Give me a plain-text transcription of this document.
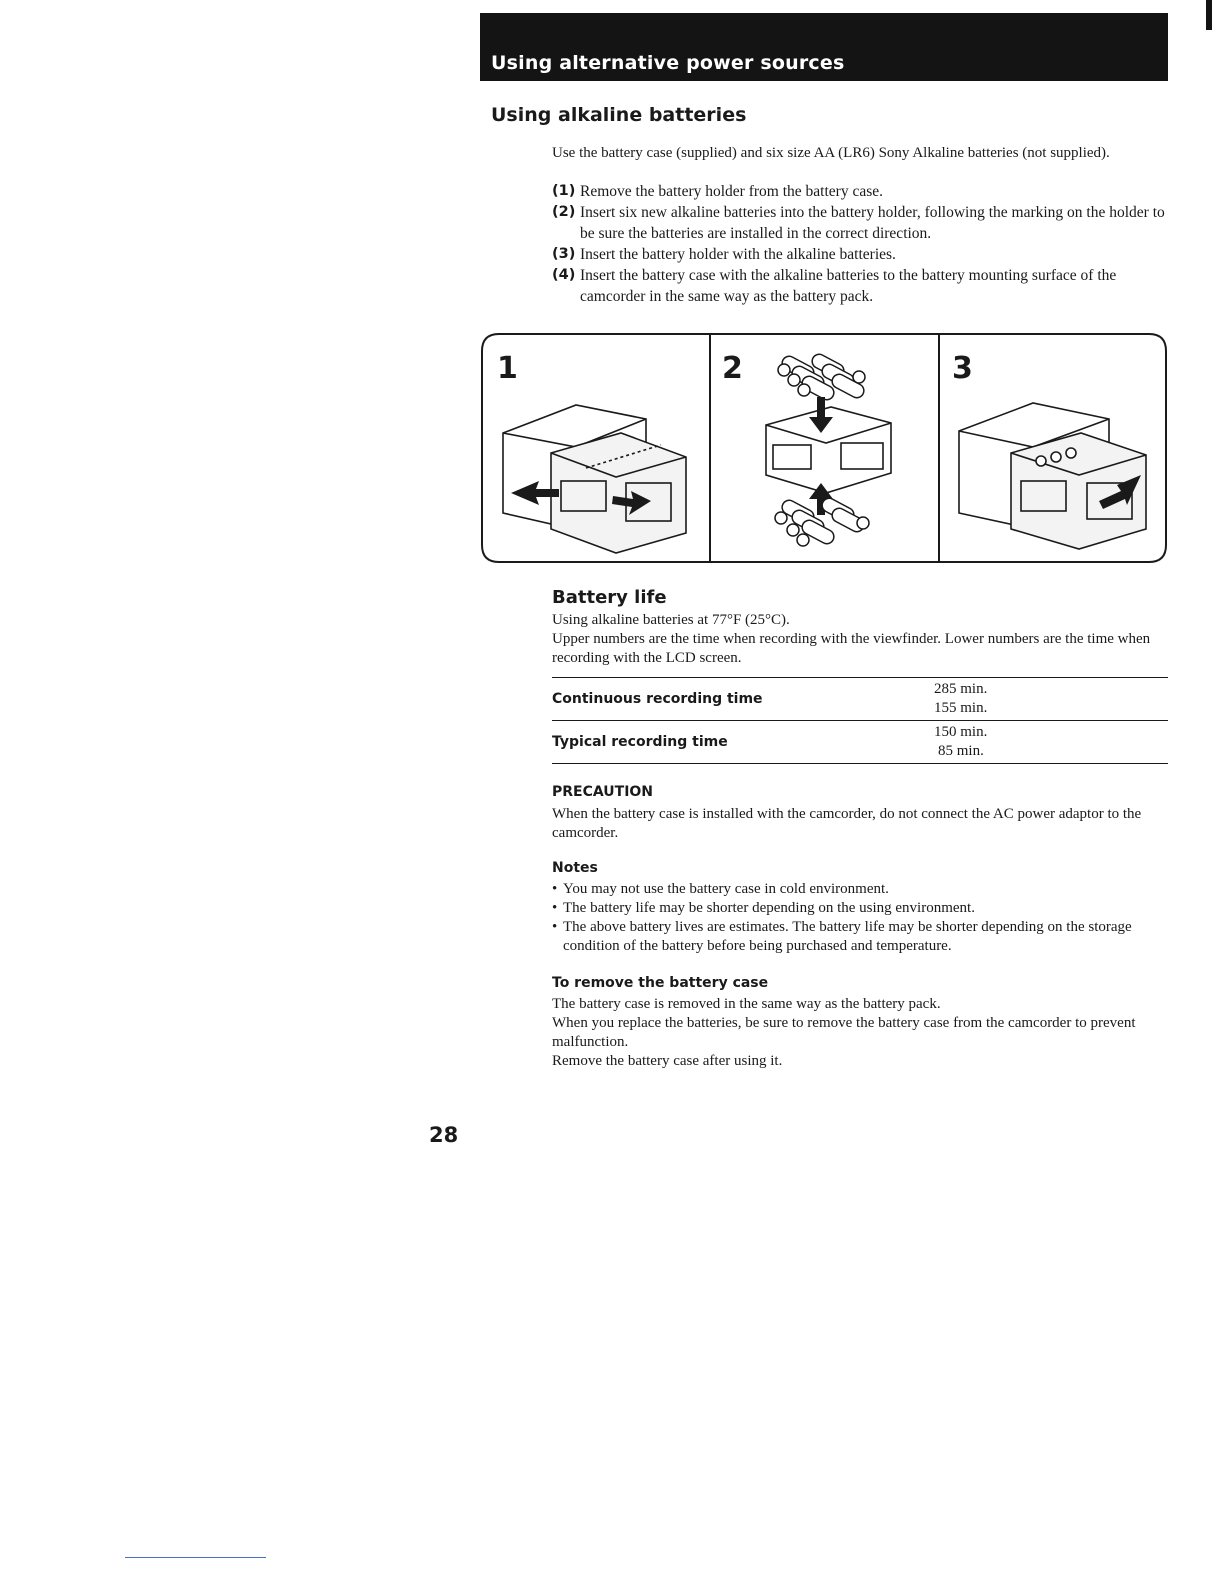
Using alternative power sources
Using alkaline batteries

Use the battery case (supplied) and six size AA (LR6) Sony Alkaline batteries (not supplied).

(1) Remove the battery holder from the battery case.
(2) Insert six new alkaline batteries into the battery holder, following the marking on the holder to be sure the batteries are installed in the correct direction.
(3) Insert the battery holder with the alkaline batteries.
(4) Insert the battery case with the alkaline batteries to the battery mounting surface of the camcorder in the same way as the battery pack.
1	2	3
Battery life

Using alkaline batteries at 77°F (25°C).
Upper numbers are the time when recording with the viewfinder. Lower numbers are the time when recording with the LCD screen.

Continuous recording time	285 min.
155 min.

Typical recording time	150 min.
85 min.
PRECAUTION

When the battery case is installed with the camcorder, do not connect the AC power adaptor to the camcorder.

Notes
• You may not use the battery case in cold environment.
• The battery life may be shorter depending on the using environment.
• The above battery lives are estimates. The battery life may be shorter depending on the storage condition of the battery before being purchased and temperature.
To remove the battery case

The battery case is removed in the same way as the battery pack.
When you replace the batteries, be sure to remove the battery case from the camcorder to prevent malfunction.
Remove the battery case after using it.

28
